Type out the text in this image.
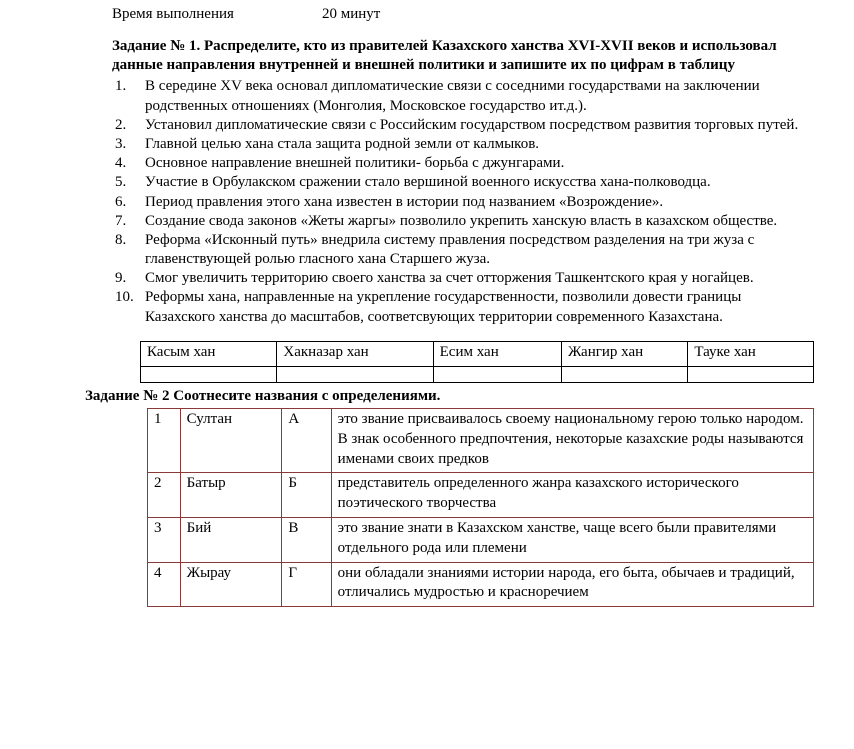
Время выполнения	20 минут
Задание № 1. Распределите, кто из правителей Казахского ханства XVI-XVII веков и использовал данные направления внутренней и внешней политики и запишите их по цифрам в таблицу
1.	В середине XV века основал дипломатические связи с соседними государствами на заключении родственных отношениях (Монголия, Московское государство ит.д.).
2.	Установил дипломатические связи с Российским государством посредством развития торговых путей.
3.	Главной целью хана стала защита родной земли от калмыков.
4.	Основное направление внешней политики- борьба с джунгарами.
5.	Участие в Орбулакском сражении стало вершиной военного искусства хана-полководца.
6.	Период правления этого хана известен в истории под названием «Возрождение».
7.	Создание свода законов «Жеты жаргы» позволило укрепить ханскую власть в казахском обществе.
8.	Реформа «Исконный путь» внедрила систему правления посредством разделения на три жуза с главенствующей ролью гласного хана Старшего жуза.
9.	Смог увеличить территорию своего ханства за счет отторжения Ташкентского края у ногайцев.
10. Реформы хана, направленные на укрепление государственности, позволили довести границы Казахского ханства до масштабов, соответсвующих территории современного Казахстана.
Касым хан	Хакназар хан	Есим хан	Жангир хан	Тауке хан

Задание № 2 Соотнесите названия с определениями.
1	Султан	А	это звание присваивалось своему национальному герою только народом. В знак особенного предпочтения, некоторые казахские роды называются именами своих предков
2	Батыр	Б	представитель определенного жанра казахского исторического поэтического творчества
3	Бий	В	это звание знати в Казахском ханстве, чаще всего были правителями отдельного рода или племени
4	Жырау	Г	они обладали знаниями истории народа, его быта, обычаев и традиций, отличались мудростью и красноречием
